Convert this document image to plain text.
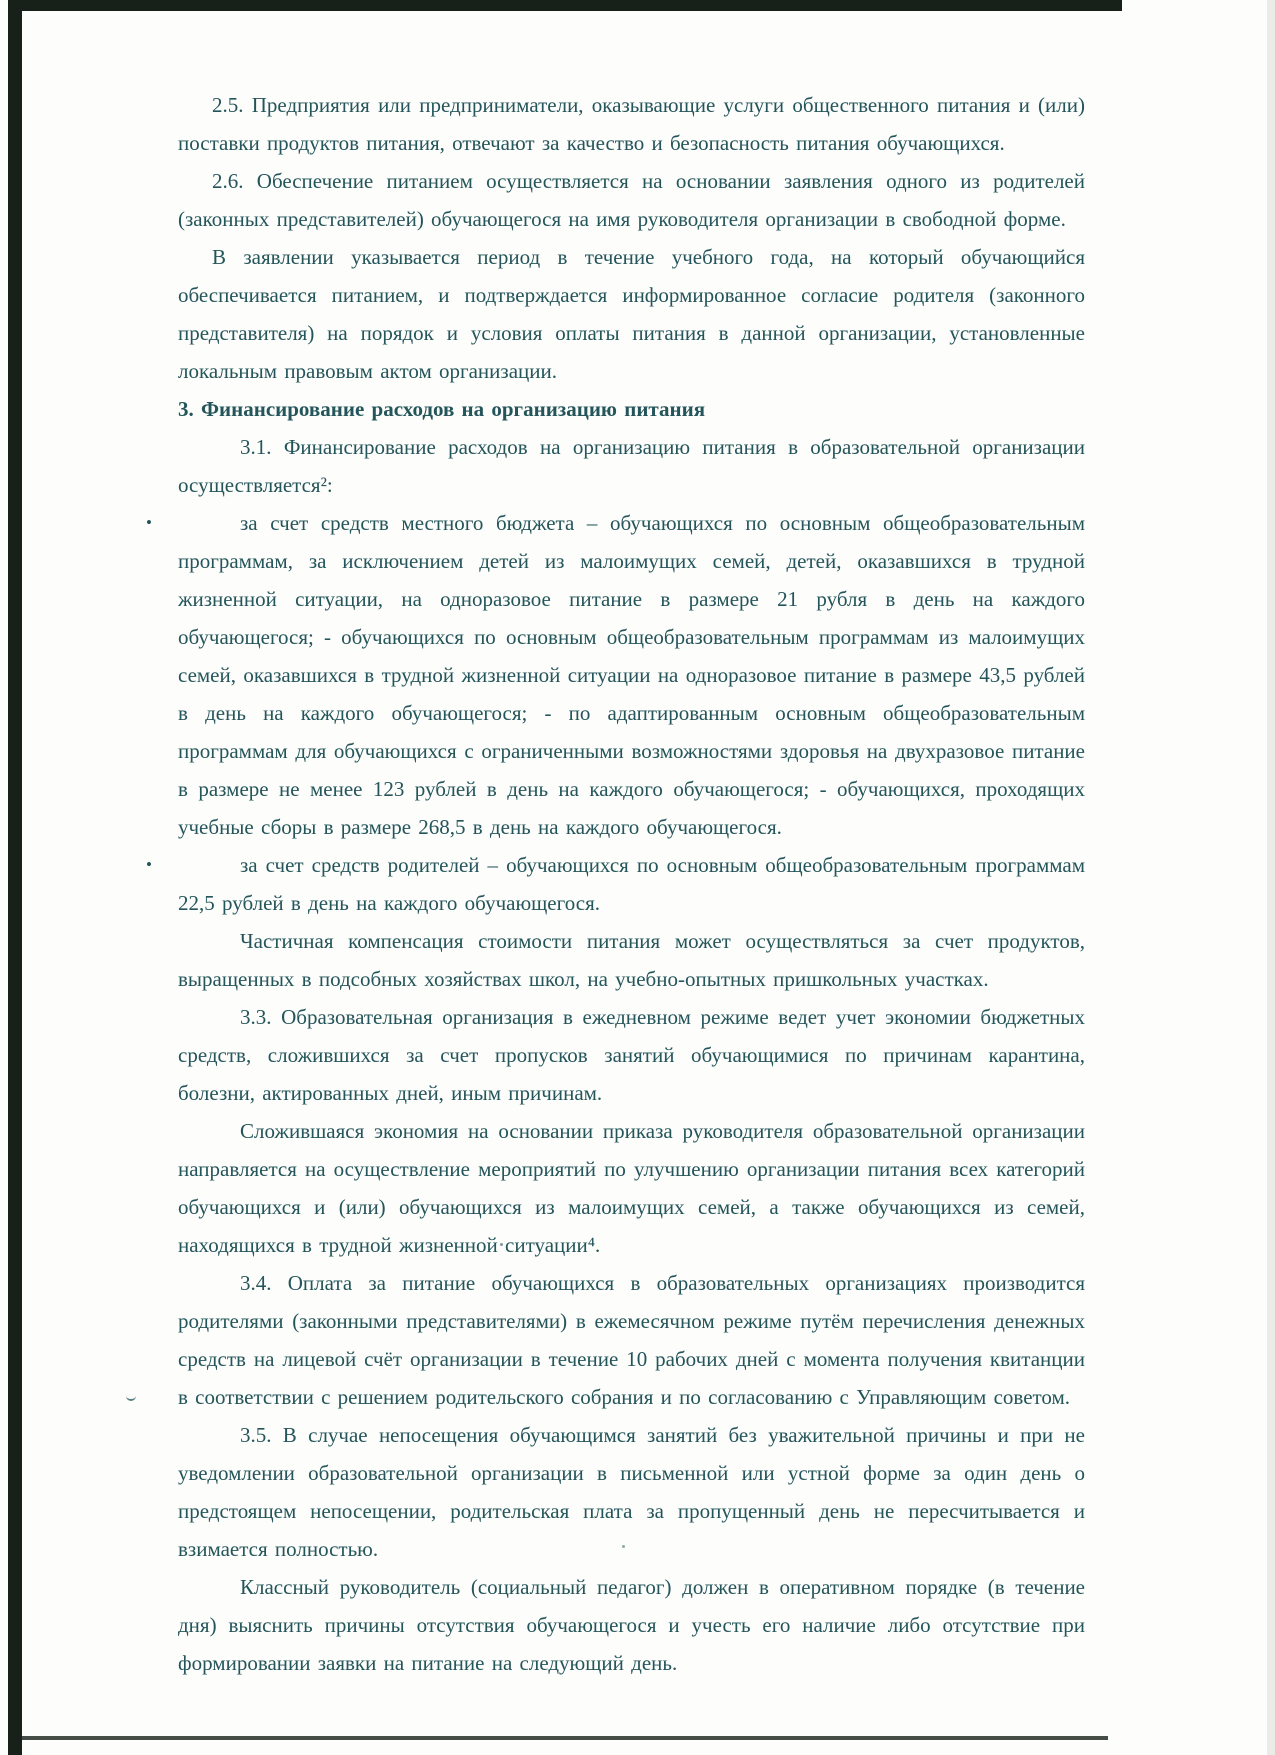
2.5. Предприятия или предприниматели, оказывающие услуги общественного питания и (или) поставки продуктов питания, отвечают за качество и безопасность питания обучающихся.

2.6. Обеспечение питанием осуществляется на основании заявления одного из родителей (законных представителей) обучающегося на имя руководителя организации в свободной форме.

В заявлении указывается период в течение учебного года, на который обучающийся обеспечивается питанием, и подтверждается информированное согласие родителя (законного представителя) на порядок и условия оплаты питания в данной организации, установленные локальным правовым актом организации.

3. Финансирование расходов на организацию питания

3.1. Финансирование расходов на организацию питания в образовательной организации осуществляется²:

•	за счет средств местного бюджета – обучающихся по основным общеобразовательным программам, за исключением детей из малоимущих семей, детей, оказавшихся в трудной жизненной ситуации, на одноразовое питание в размере 21 рубля в день на каждого обучающегося; - обучающихся по основным общеобразовательным программам из малоимущих семей, оказавшихся в трудной жизненной ситуации на одноразовое питание в размере 43,5 рублей в день на каждого обучающегося; - по адаптированным основным общеобразовательным программам для обучающихся с ограниченными возможностями здоровья на двухразовое питание в размере не менее 123 рублей в день на каждого обучающегося; - обучающихся, проходящих учебные сборы в размере 268,5 в день на каждого обучающегося.

•	за счет средств родителей – обучающихся по основным общеобразовательным программам 22,5 рублей в день на каждого обучающегося.

Частичная компенсация стоимости питания может осуществляться за счет продуктов, выращенных в подсобных хозяйствах школ, на учебно-опытных пришкольных участках.

3.3. Образовательная организация в ежедневном режиме ведет учет экономии бюджетных средств, сложившихся за счет пропусков занятий обучающимися по причинам карантина, болезни, актированных дней, иным причинам.

Сложившаяся экономия на основании приказа руководителя образовательной организации направляется на осуществление мероприятий по улучшению организации питания всех категорий обучающихся и (или) обучающихся из малоимущих семей, а также обучающихся из семей, находящихся в трудной жизненной ситуации⁴.

3.4. Оплата за питание обучающихся в образовательных организациях производится родителями (законными представителями) в ежемесячном режиме путём перечисления денежных средств на лицевой счёт организации в течение 10 рабочих дней с момента получения квитанции в соответствии с решением родительского собрания и по согласованию с Управляющим советом.

3.5. В случае непосещения обучающимся занятий без уважительной причины и при не уведомлении образовательной организации в письменной или устной форме за один день о предстоящем непосещении, родительская плата за пропущенный день не пересчитывается и взимается полностью.

Классный руководитель (социальный педагог) должен в оперативном порядке (в течение дня) выяснить причины отсутствия обучающегося и учесть его наличие либо отсутствие при формировании заявки на питание на следующий день.
